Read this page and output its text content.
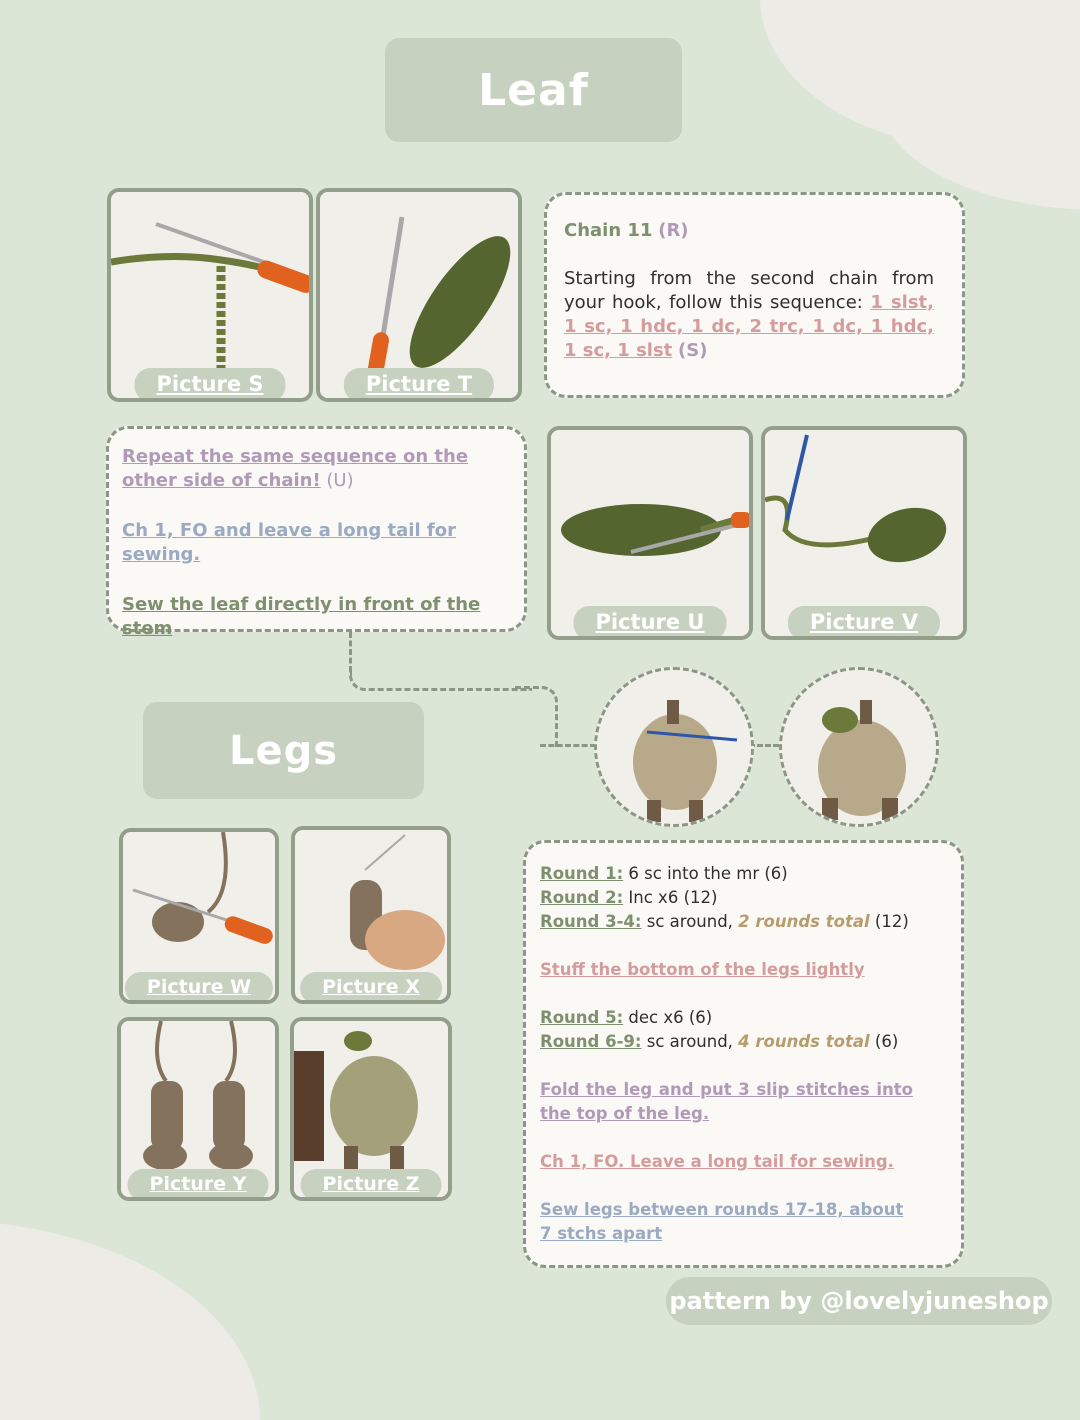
Leaf
Picture S	Picture T
Chain 11 (R)
Starting from the second chain from your hook, follow this sequence: 1 slst, 1 sc, 1 hdc, 1 dc, 2 trc, 1 dc, 1 hdc, 1 sc, 1 slst (S)
Repeat the same sequence on the other side of chain! (U)
Ch 1, FO and leave a long tail for sewing.
Sew the leaf directly in front of the stem	Picture U	Picture V
Legs
Picture W	Picture X
Picture Y	Picture Z
Round 1: 6 sc into the mr (6)
Round 2: Inc x6 (12)
Round 3-4: sc around, 2 rounds total (12)
Stuff the bottom of the legs lightly
Round 5: dec x6 (6)
Round 6-9: sc around, 4 rounds total (6)
Fold the leg and put 3 slip stitches into the top of the leg.
Ch 1, FO. Leave a long tail for sewing.
Sew legs between rounds 17-18, about 7 stchs apart
pattern by @lovelyjuneshop
